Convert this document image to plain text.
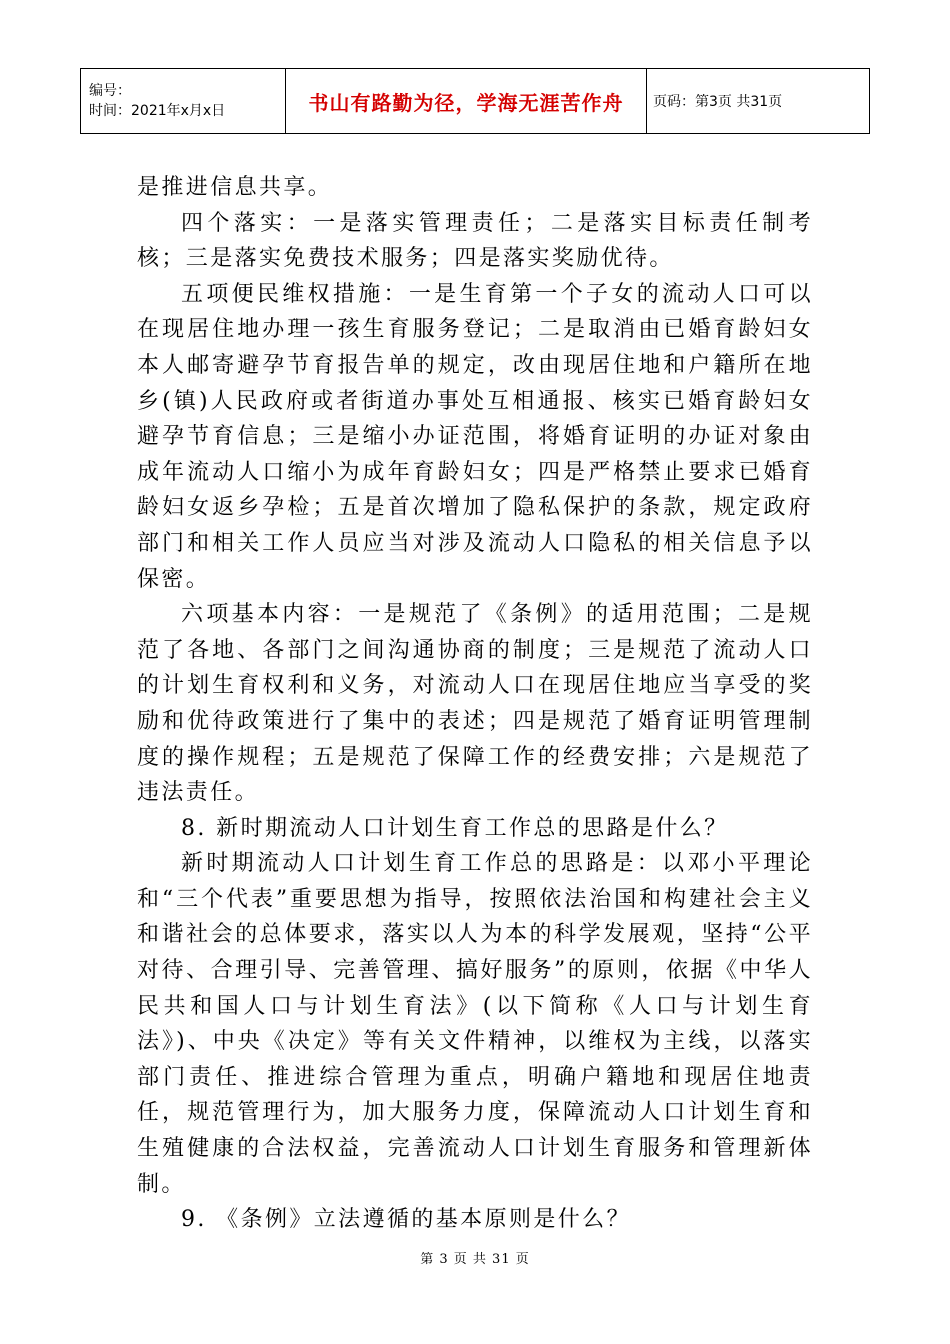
编号：
时间：2021年x月x日	书山有路勤为径，学海无涯苦作舟	页码：第3页 共31页

是推进信息共享。

四个落实：一是落实管理责任；二是落实目标责任制考核；三是落实免费技术服务；四是落实奖励优待。

五项便民维权措施：一是生育第一个子女的流动人口可以在现居住地办理一孩生育服务登记；二是取消由已婚育龄妇女本人邮寄避孕节育报告单的规定，改由现居住地和户籍所在地乡(镇)人民政府或者街道办事处互相通报、核实已婚育龄妇女避孕节育信息；三是缩小办证范围，将婚育证明的办证对象由成年流动人口缩小为成年育龄妇女；四是严格禁止要求已婚育龄妇女返乡孕检；五是首次增加了隐私保护的条款，规定政府部门和相关工作人员应当对涉及流动人口隐私的相关信息予以保密。

六项基本内容：一是规范了《条例》的适用范围；二是规范了各地、各部门之间沟通协商的制度；三是规范了流动人口的计划生育权利和义务，对流动人口在现居住地应当享受的奖励和优待政策进行了集中的表述；四是规范了婚育证明管理制度的操作规程；五是规范了保障工作的经费安排；六是规范了违法责任。

8. 新时期流动人口计划生育工作总的思路是什么？

新时期流动人口计划生育工作总的思路是：以邓小平理论和“三个代表”重要思想为指导，按照依法治国和构建社会主义和谐社会的总体要求，落实以人为本的科学发展观，坚持“公平对待、合理引导、完善管理、搞好服务”的原则，依据《中华人民共和国人口与计划生育法》(以下简称《人口与计划生育法》)、中央《决定》等有关文件精神，以维权为主线，以落实部门责任、推进综合管理为重点，明确户籍地和现居住地责任，规范管理行为，加大服务力度，保障流动人口计划生育和生殖健康的合法权益，完善流动人口计划生育服务和管理新体制。

9. 《条例》立法遵循的基本原则是什么？

第 3 页 共 31 页
